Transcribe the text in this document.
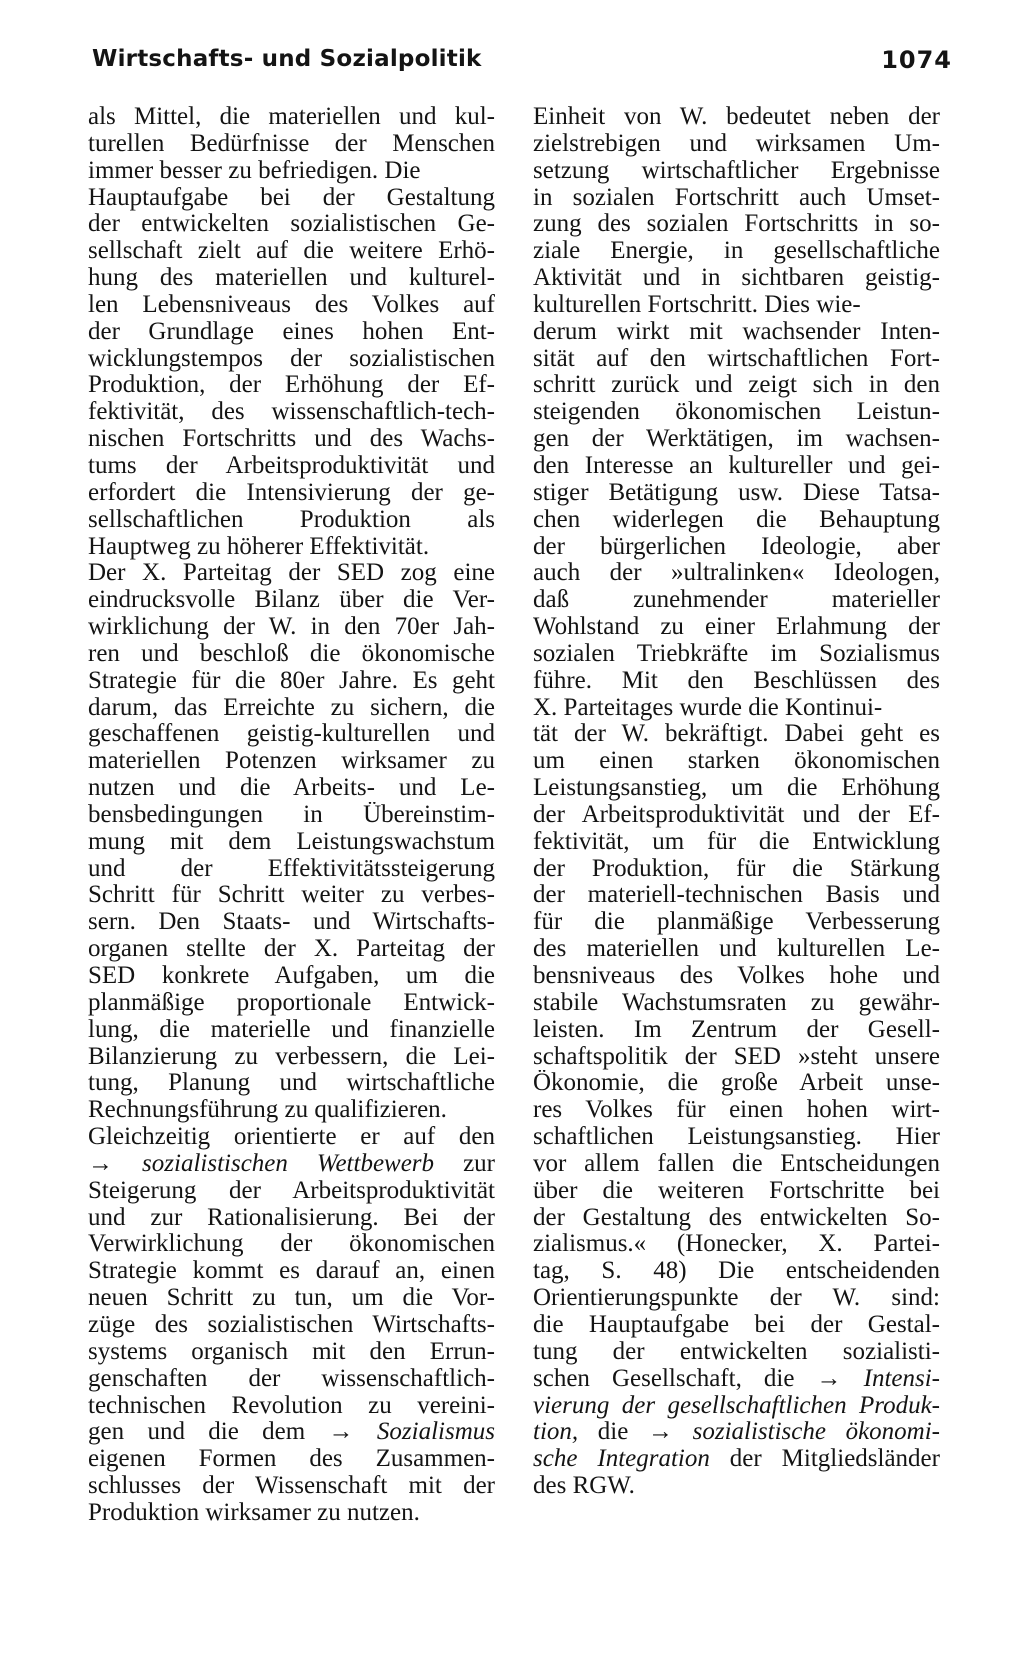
Wirtschafts- und Sozialpolitik	1074
als Mittel, die materiellen und kul-
turellen Bedürfnisse der Menschen
immer besser zu befriedigen. Die
Hauptaufgabe bei der Gestaltung
der entwickelten sozialistischen Ge-
sellschaft zielt auf die weitere Erhö-
hung des materiellen und kulturel-
len Lebensniveaus des Volkes auf
der Grundlage eines hohen Ent-
wicklungstempos der sozialistischen
Produktion, der Erhöhung der Ef-
fektivität, des wissenschaftlich-tech-
nischen Fortschritts und des Wachs-
tums der Arbeitsproduktivität und
erfordert die Intensivierung der ge-
sellschaftlichen Produktion als
Hauptweg zu höherer Effektivität.
Der X. Parteitag der SED zog eine
eindrucksvolle Bilanz über die Ver-
wirklichung der W. in den 70er Jah-
ren und beschloß die ökonomische
Strategie für die 80er Jahre. Es geht
darum, das Erreichte zu sichern, die
geschaffenen geistig-kulturellen und
materiellen Potenzen wirksamer zu
nutzen und die Arbeits- und Le-
bensbedingungen in Übereinstim-
mung mit dem Leistungswachstum
und der Effektivitätssteigerung
Schritt für Schritt weiter zu verbes-
sern. Den Staats- und Wirtschafts-
organen stellte der X. Parteitag der
SED konkrete Aufgaben, um die
planmäßige proportionale Entwick-
lung, die materielle und finanzielle
Bilanzierung zu verbessern, die Lei-
tung, Planung und wirtschaftliche
Rechnungsführung zu qualifizieren.
Gleichzeitig orientierte er auf den
→ sozialistischen Wettbewerb zur
Steigerung der Arbeitsproduktivität
und zur Rationalisierung. Bei der
Verwirklichung der ökonomischen
Strategie kommt es darauf an, einen
neuen Schritt zu tun, um die Vor-
züge des sozialistischen Wirtschafts-
systems organisch mit den Errun-
genschaften der wissenschaftlich-
technischen Revolution zu vereini-
gen und die dem → Sozialismus
eigenen Formen des Zusammen-
schlusses der Wissenschaft mit der
Produktion wirksamer zu nutzen.
Einheit von W. bedeutet neben der
zielstrebigen und wirksamen Um-
setzung wirtschaftlicher Ergebnisse
in sozialen Fortschritt auch Umset-
zung des sozialen Fortschritts in so-
ziale Energie, in gesellschaftliche
Aktivität und in sichtbaren geistig-
kulturellen Fortschritt. Dies wie-
derum wirkt mit wachsender Inten-
sität auf den wirtschaftlichen Fort-
schritt zurück und zeigt sich in den
steigenden ökonomischen Leistun-
gen der Werktätigen, im wachsen-
den Interesse an kultureller und gei-
stiger Betätigung usw. Diese Tatsa-
chen widerlegen die Behauptung
der bürgerlichen Ideologie, aber
auch der »ultralinken« Ideologen,
daß zunehmender materieller
Wohlstand zu einer Erlahmung der
sozialen Triebkräfte im Sozialismus
führe. Mit den Beschlüssen des
X. Parteitages wurde die Kontinui-
tät der W. bekräftigt. Dabei geht es
um einen starken ökonomischen
Leistungsanstieg, um die Erhöhung
der Arbeitsproduktivität und der Ef-
fektivität, um für die Entwicklung
der Produktion, für die Stärkung
der materiell-technischen Basis und
für die planmäßige Verbesserung
des materiellen und kulturellen Le-
bensniveaus des Volkes hohe und
stabile Wachstumsraten zu gewähr-
leisten. Im Zentrum der Gesell-
schaftspolitik der SED »steht unsere
Ökonomie, die große Arbeit unse-
res Volkes für einen hohen wirt-
schaftlichen Leistungsanstieg. Hier
vor allem fallen die Entscheidungen
über die weiteren Fortschritte bei
der Gestaltung des entwickelten So-
zialismus.« (Honecker, X. Partei-
tag, S. 48) Die entscheidenden
Orientierungspunkte der W. sind:
die Hauptaufgabe bei der Gestal-
tung der entwickelten sozialisti-
schen Gesellschaft, die → Intensi-
vierung der gesellschaftlichen Produk-
tion, die → sozialistische ökonomi-
sche Integration der Mitgliedsländer
des RGW.
